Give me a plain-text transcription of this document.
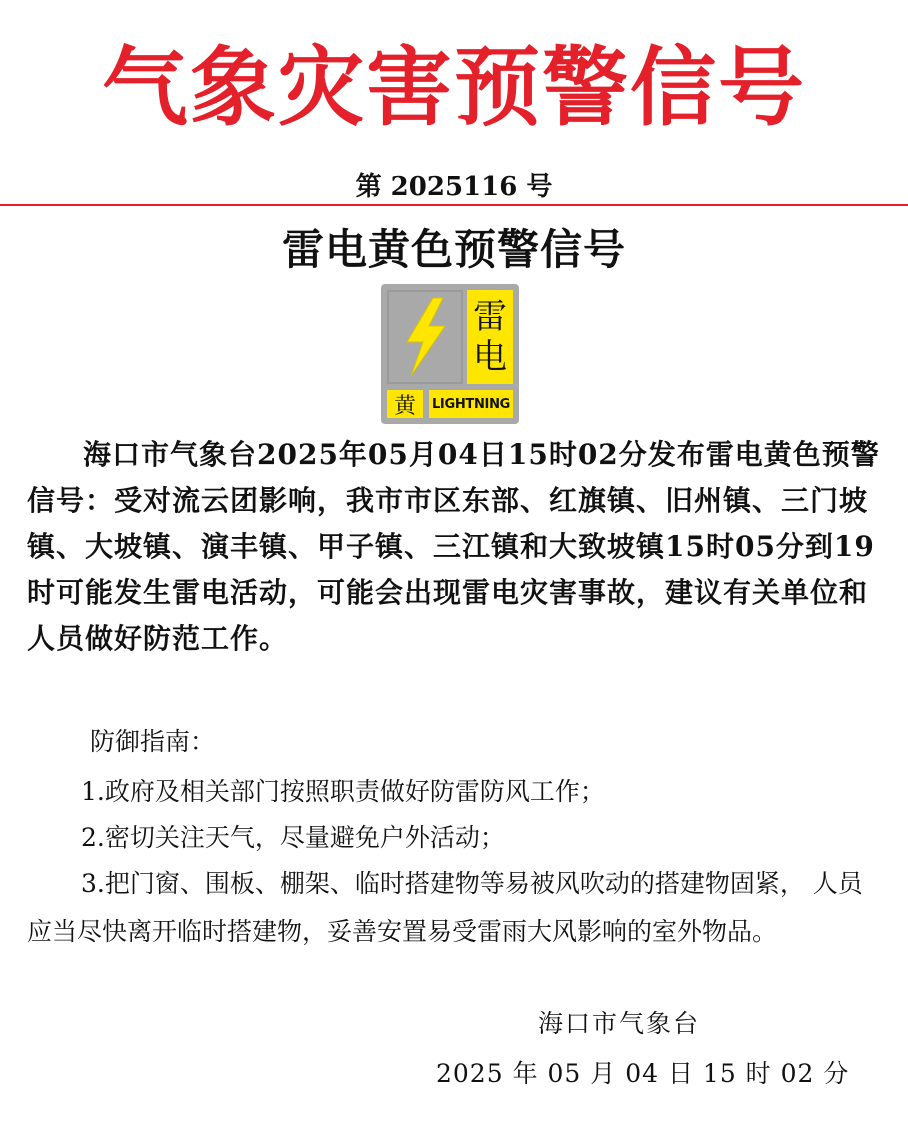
气象灾害预警信号
第 2025116 号
雷电黄色预警信号
雷
电
黄	LIGHTNING

海口市气象台2025年05月04日15时02分发布雷电黄色预警信号：受对流云团影响，我市市区东部、红旗镇、旧州镇、三门坡镇、大坡镇、演丰镇、甲子镇、三江镇和大致坡镇15时05分到19时可能发生雷电活动，可能会出现雷电灾害事故，建议有关单位和人员做好防范工作。

防御指南：

1.政府及相关部门按照职责做好防雷防风工作；

2.密切关注天气，尽量避免户外活动；

3.把门窗、围板、棚架、临时搭建物等易被风吹动的搭建物固紧， 人员应当尽快离开临时搭建物，妥善安置易受雷雨大风影响的室外物品。

海口市气象台
2025 年 05 月 04 日 15 时 02 分
